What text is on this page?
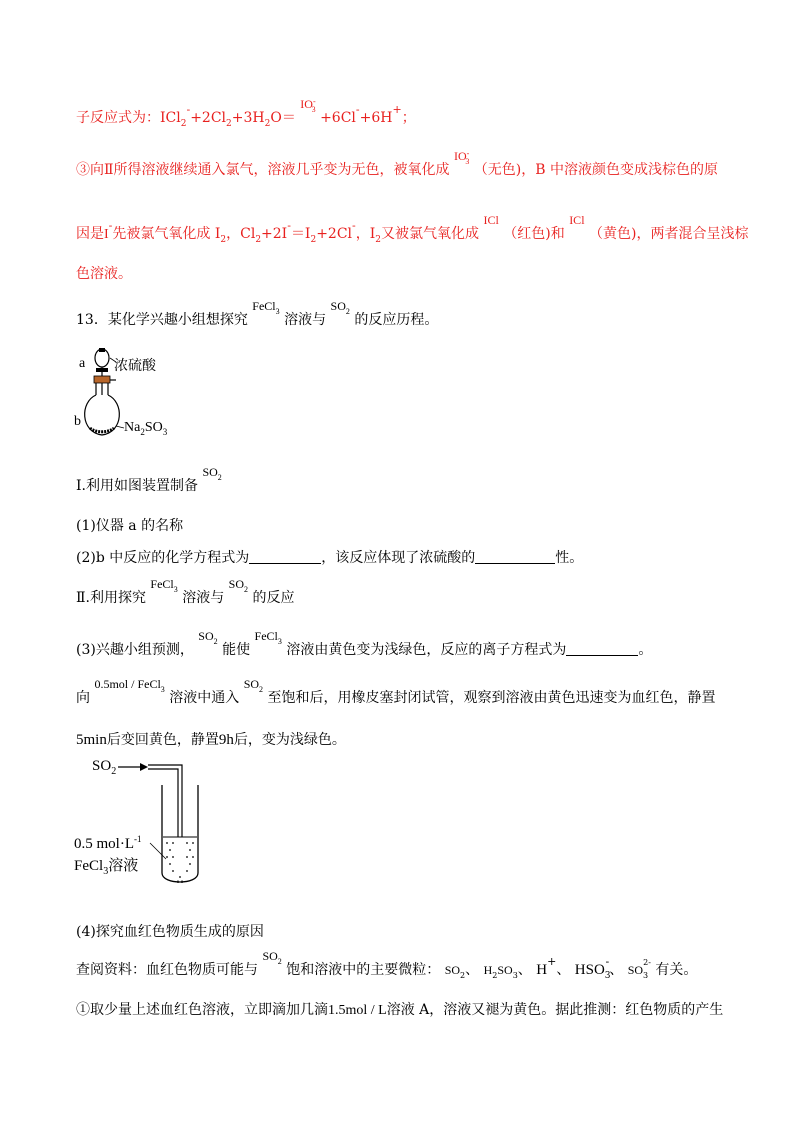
子反应式为：$ICl_2^-+2Cl_2+3H_2O= IO^{-3} +6Cl^-+6H^+$；
③向Ⅱ所得溶液继续通入氯气，溶液几乎变为无色，被氧化成 $IO^{-3}$ （无色)，B 中溶液颜色变成浅棕色的原
因是I-先被氯气氧化成 $I_2$，$Cl_2+2I^-=I_2+2Cl^-$，$I_2$又被氯气氧化成 ICl （红色)和 ICl （黄色)，两者混合呈浅棕
色溶液。
13．某化学兴趣小组想探究 FeCl$^3$ 溶液与 $SO^2$ 的反应历程。
a 浓硫酸
b	$Na_2SO_3$
Ⅰ.利用如图装置制备 $SO^2$
(1)仪器 a 的名称
(2)b 中反应的化学方程式为	，该反应体现了浓硫酸的	性。
Ⅱ.利用探究 FeCl$^3$ 溶液与 $SO^2$ 的反应
(3)兴趣小组预测， $SO^2$ 能使 FeCl$^3$ 溶液由黄色变为浅绿色，反应的离子方程式为	。
向 0.5mol / FeCl$^3$ 溶液中通入 $SO^2$ 至饱和后，用橡皮塞封闭试管，观察到溶液由黄色迅速变为血红色，静置
5min后变回黄色，静置9h后，变为浅绿色。
$SO_2$
0.5 $mol\cdot L^{-1}$
FeCl$_3$溶液
(4)探究血红色物质生成的原因
查阅资料：血红色物质可能与 $SO^2$ 饱和溶液中的主要微粒： $SO_2$、 $H_2SO_3$、 H+、 $HSO_3^-$、 $SO_3^{2-}$ 有关。
①取少量上述血红色溶液，立即滴加几滴1.5mol / L溶液 A，溶液又褪为黄色。据此推测：红色物质的产生
